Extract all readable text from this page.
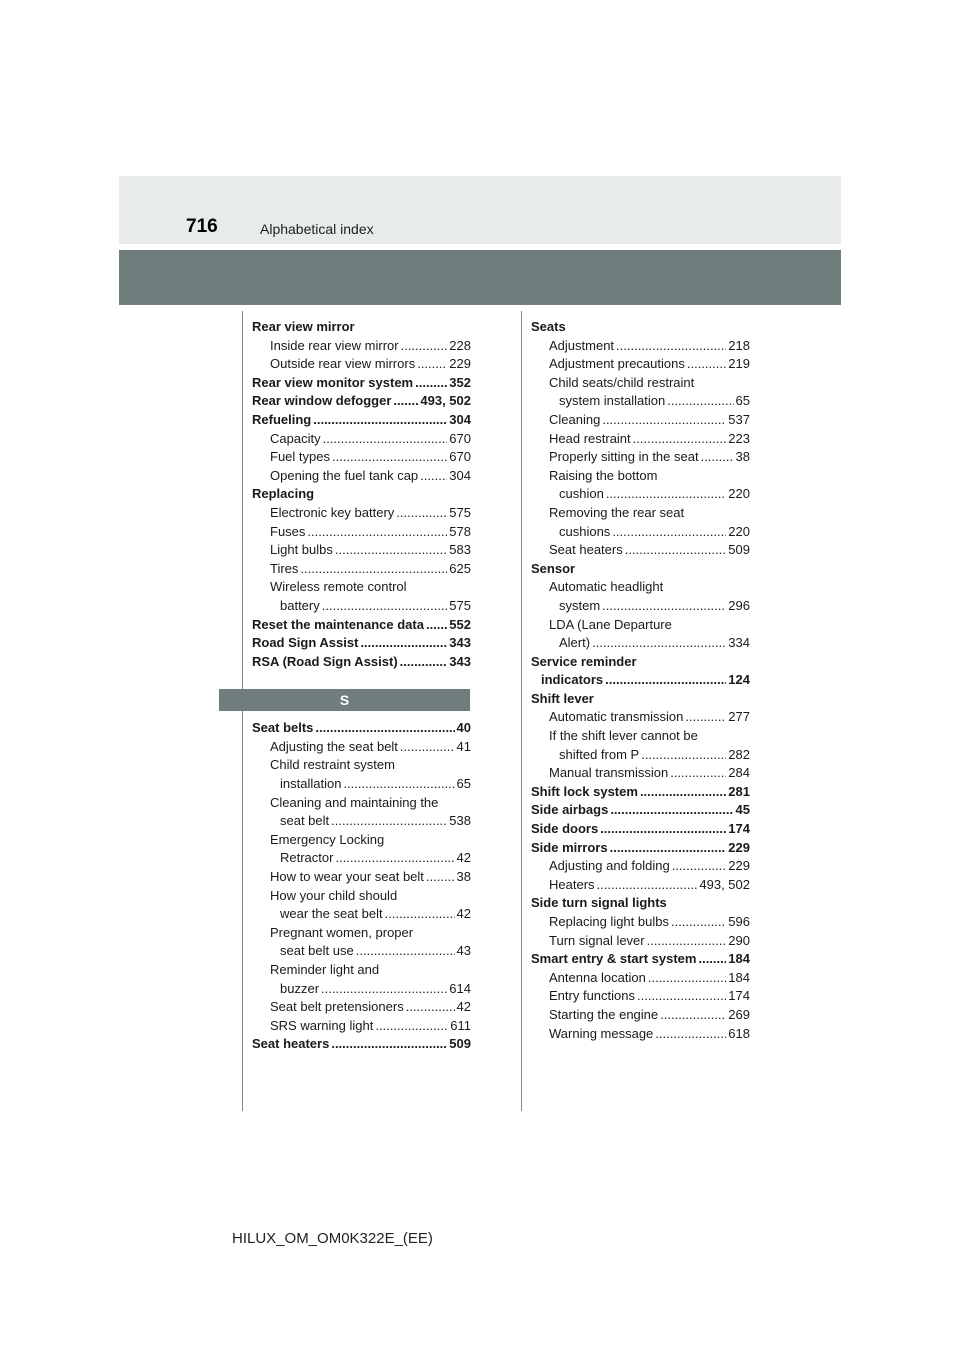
716	Alphabetical index
Rear view mirror
Inside rear view mirror .....	228
Outside rear view mirrors .....	229
Rear view monitor system .....	352
Rear window defogger ..... 493, 502
Refueling .....	304
Capacity .....	670
Fuel types .....	670
Opening the fuel tank cap ..... 304
Replacing
Electronic key battery .....	575
Fuses .....	578
Light bulbs .....	583
Tires .....	625
Wireless remote control
battery .....	575
Reset the maintenance data ..... 552
Road Sign Assist .....	343
RSA (Road Sign Assist) .....	343
S
Seat belts .....	40
Adjusting the seat belt .....	41
Child restraint system
installation .....	65
Cleaning and maintaining the
seat belt .....	538
Emergency Locking
Retractor .....	42
How to wear your seat belt .....	38
How your child should
wear the seat belt .....	42
Pregnant women, proper
seat belt use .....	43
Reminder light and
buzzer .....	614
Seat belt pretensioners .....	42
SRS warning light .....	611
Seat heaters .....	509
Seats
Adjustment .....	218
Adjustment precautions .....	219
Child seats/child restraint
system installation .....	65
Cleaning .....	537
Head restraint .....	223
Properly sitting in the seat .....	38
Raising the bottom
cushion .....	220
Removing the rear seat
cushions .....	220
Seat heaters .....	509
Sensor
Automatic headlight
system .....	296
LDA (Lane Departure
Alert) .....	334
Service reminder
indicators .....	124
Shift lever
Automatic transmission .....	277
If the shift lever cannot be
shifted from P .....	282
Manual transmission .....	284
Shift lock system .....	281
Side airbags .....	45
Side doors .....	174
Side mirrors .....	229
Adjusting and folding .....	229
Heaters .....	493, 502
Side turn signal lights
Replacing light bulbs .....	596
Turn signal lever .....	290
Smart entry & start system ..... 184
Antenna location .....	184
Entry functions .....	174
Starting the engine .....	269
Warning message .....	618
HILUX_OM_OM0K322E_(EE)
